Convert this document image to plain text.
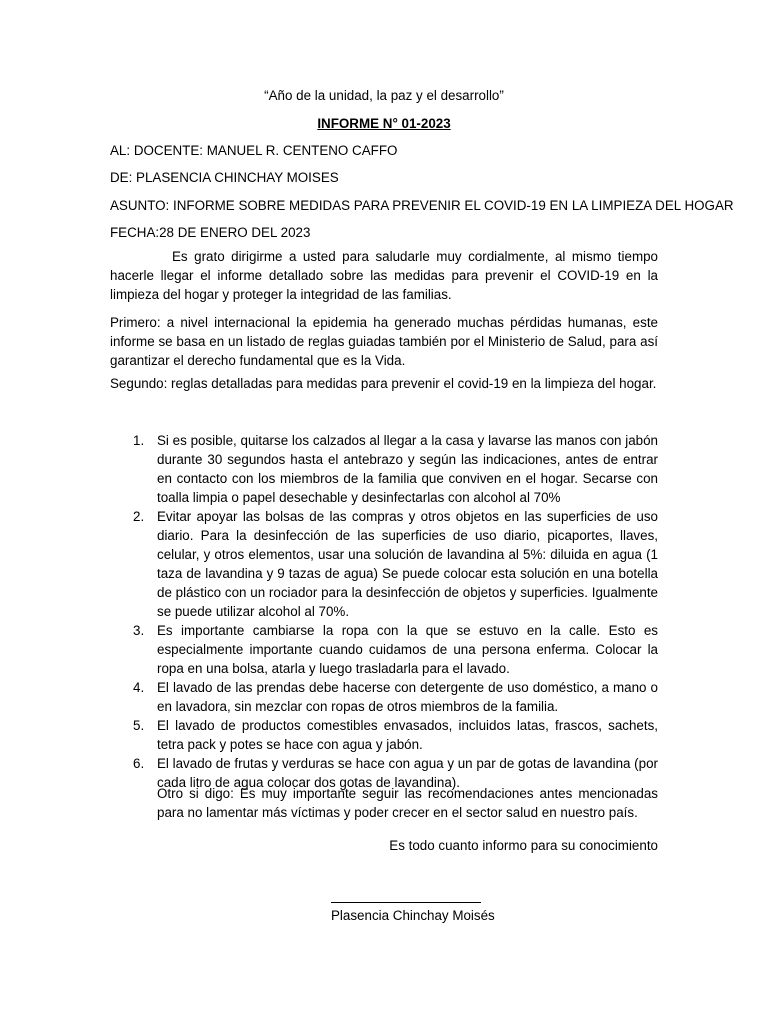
“Año de la unidad, la paz y el desarrollo”
INFORME N° 01-2023
AL: DOCENTE: MANUEL R. CENTENO CAFFO
DE: PLASENCIA CHINCHAY MOISES
ASUNTO: INFORME SOBRE MEDIDAS PARA PREVENIR EL COVID-19 EN LA LIMPIEZA DEL HOGAR
FECHA:28 DE ENERO DEL 2023
Es grato dirigirme a usted para saludarle muy cordialmente, al mismo tiempo hacerle llegar el informe detallado sobre las medidas para prevenir el COVID-19 en la limpieza del hogar y proteger la integridad de las familias.
Primero: a nivel internacional la epidemia ha generado muchas pérdidas humanas, este informe se basa en un listado de reglas guiadas también por el Ministerio de Salud, para así garantizar el derecho fundamental que es la Vida.
Segundo: reglas detalladas para medidas para prevenir el covid-19 en la limpieza del hogar.
1. Si es posible, quitarse los calzados al llegar a la casa y lavarse las manos con jabón durante 30 segundos hasta el antebrazo y según las indicaciones, antes de entrar en contacto con los miembros de la familia que conviven en el hogar. Secarse con toalla limpia o papel desechable y desinfectarlas con alcohol al 70%
2. Evitar apoyar las bolsas de las compras y otros objetos en las superficies de uso diario. Para la desinfección de las superficies de uso diario, picaportes, llaves, celular, y otros elementos, usar una solución de lavandina al 5%: diluida en agua (1 taza de lavandina y 9 tazas de agua) Se puede colocar esta solución en una botella de plástico con un rociador para la desinfección de objetos y superficies. Igualmente se puede utilizar alcohol al 70%.
3. Es importante cambiarse la ropa con la que se estuvo en la calle. Esto es especialmente importante cuando cuidamos de una persona enferma. Colocar la ropa en una bolsa, atarla y luego trasladarla para el lavado.
4. El lavado de las prendas debe hacerse con detergente de uso doméstico, a mano o en lavadora, sin mezclar con ropas de otros miembros de la familia.
5. El lavado de productos comestibles envasados, incluidos latas, frascos, sachets, tetra pack y potes se hace con agua y jabón.
6. El lavado de frutas y verduras se hace con agua y un par de gotas de lavandina (por cada litro de agua colocar dos gotas de lavandina).
Otro si digo: Es muy importante seguir las recomendaciones antes mencionadas para no lamentar más víctimas y poder crecer en el sector salud en nuestro país.
Es todo cuanto informo para su conocimiento
Plasencia Chinchay Moisés
